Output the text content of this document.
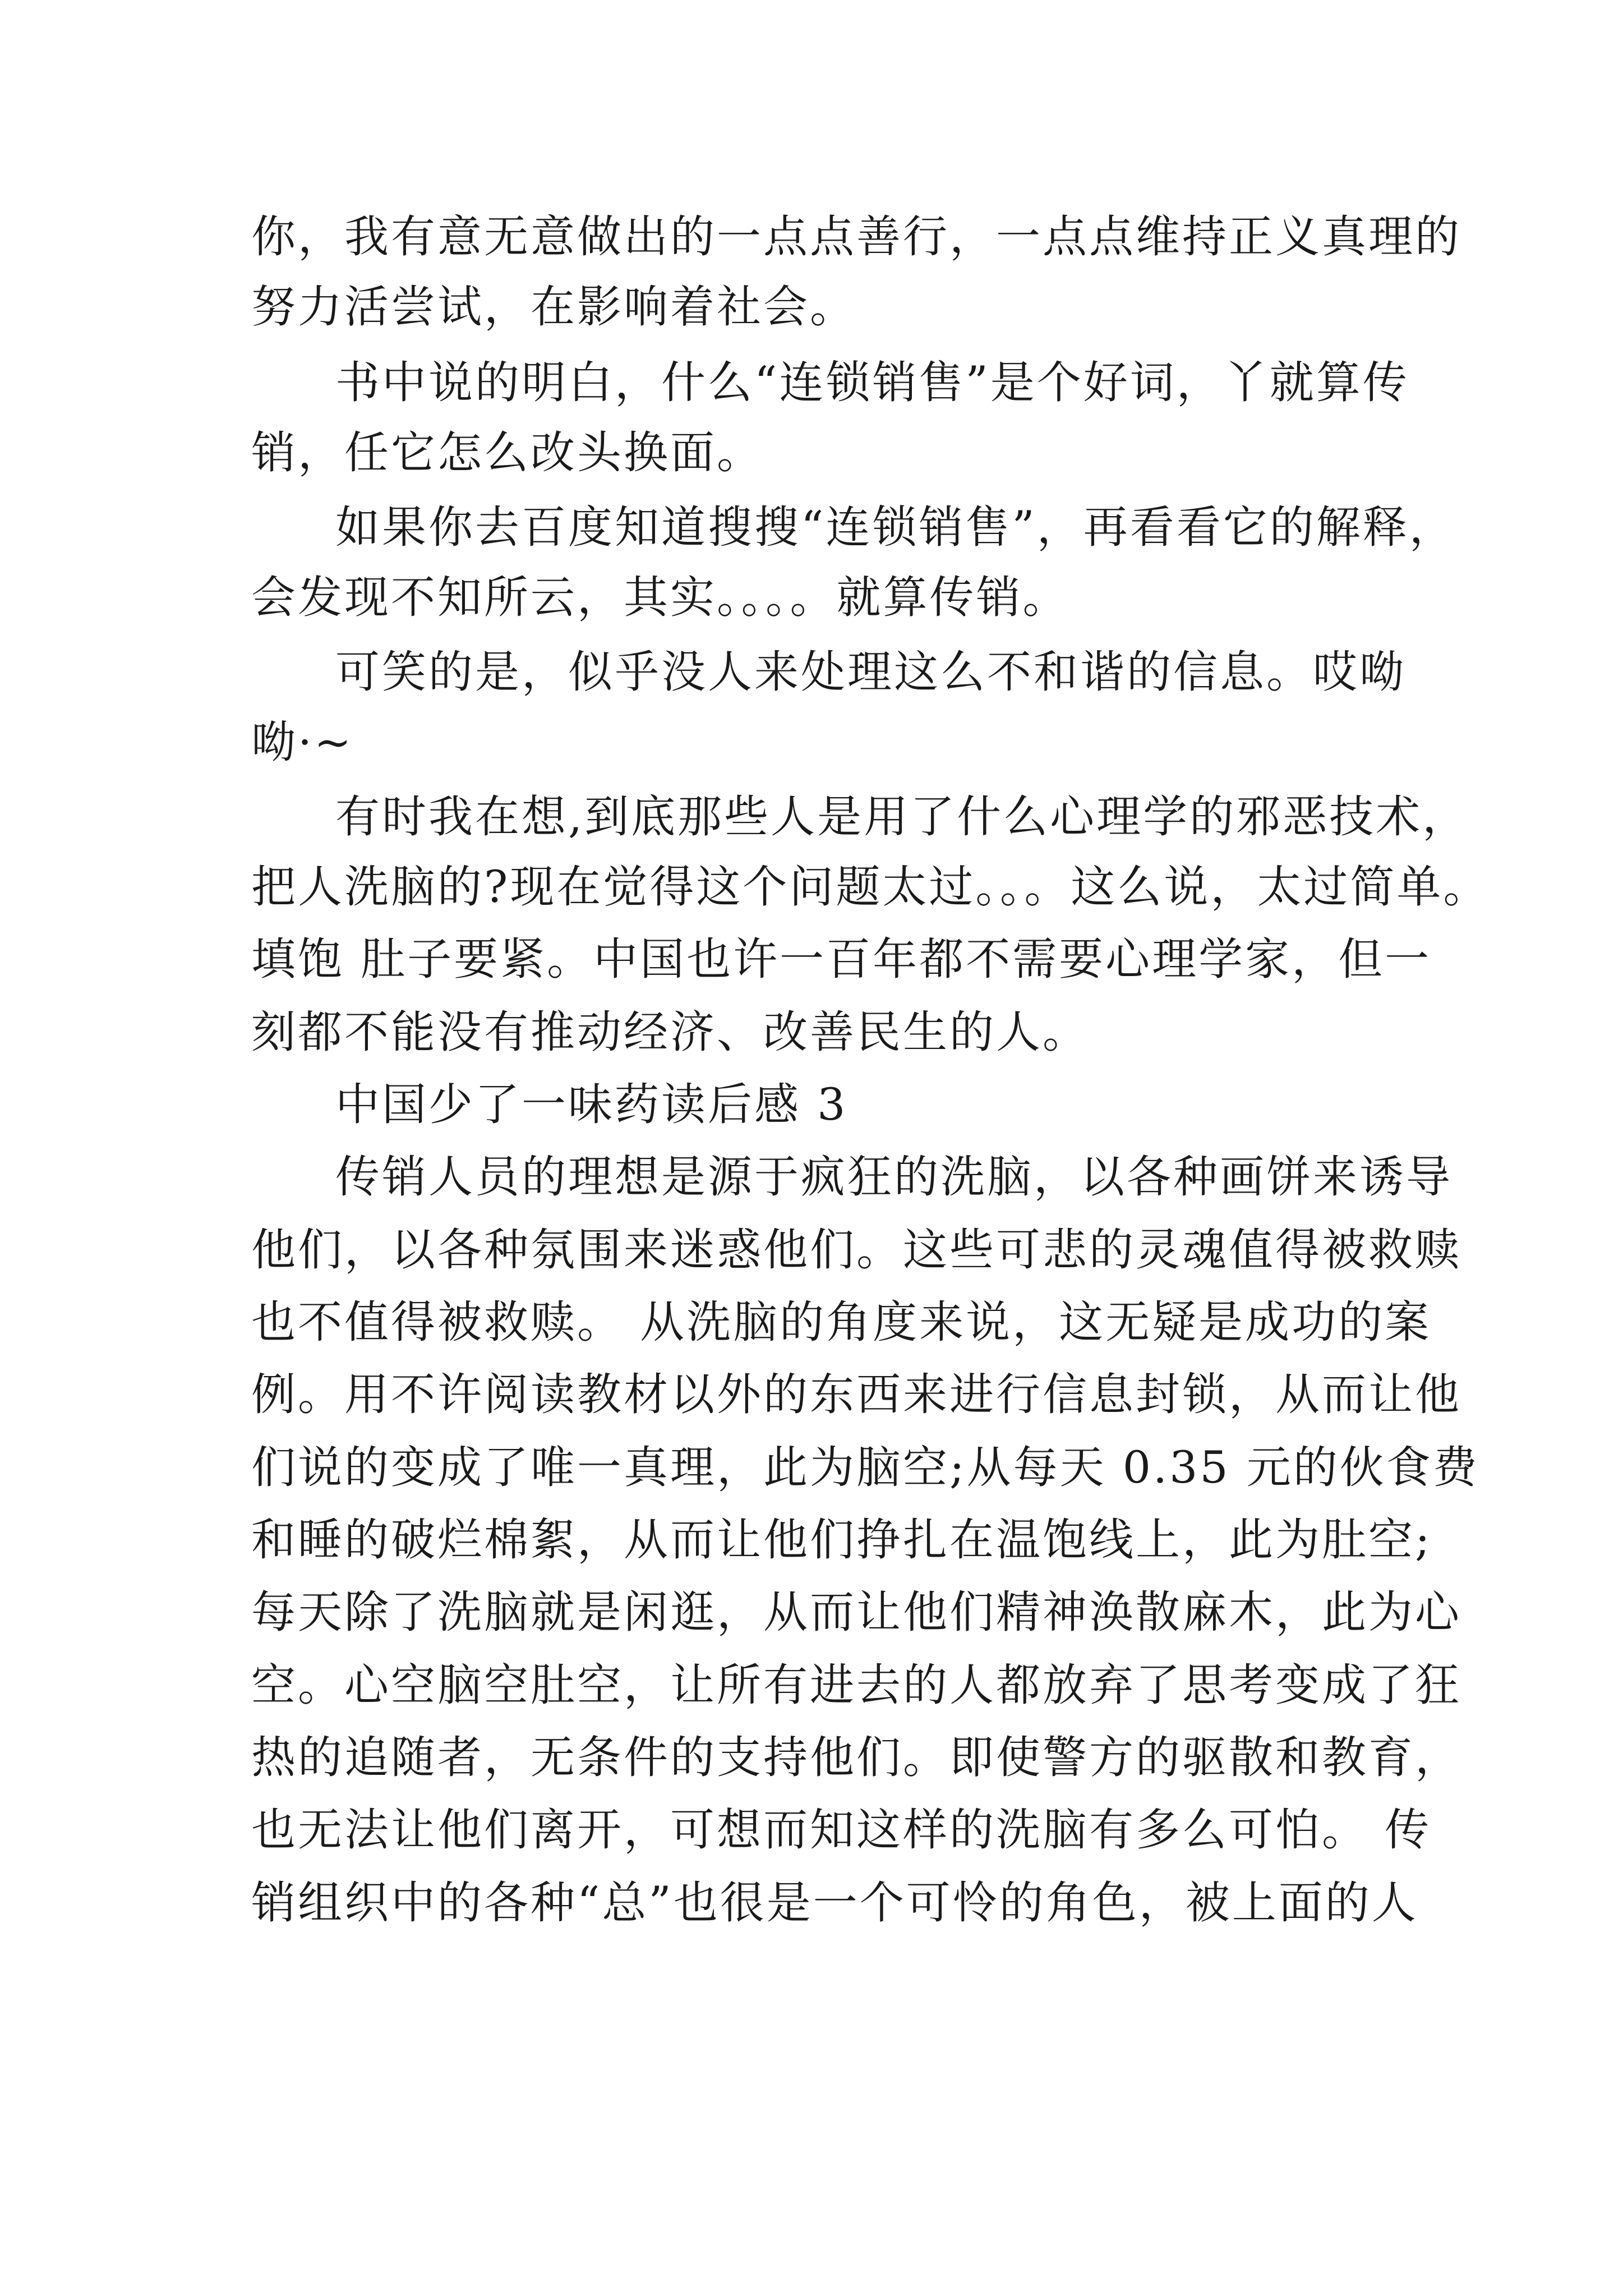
你，我有意无意做出的一点点善行，一点点维持正义真理的
努力活尝试，在影响着社会。
书中说的明白，什么“连锁销售”是个好词，丫就算传
销，任它怎么改头换面。
如果你去百度知道搜搜“连锁销售”，再看看它的解释，
会发现不知所云，其实。。。。就算传销。
可笑的是，似乎没人来处理这么不和谐的信息。哎呦
呦·~
有时我在想,到底那些人是用了什么心理学的邪恶技术，
把人洗脑的?现在觉得这个问题太过。。。这么说，太过简单。
填饱 肚子要紧。中国也许一百年都不需要心理学家，但一
刻都不能没有推动经济、改善民生的人。
中国少了一味药读后感 3
传销人员的理想是源于疯狂的洗脑，以各种画饼来诱导
他们，以各种氛围来迷惑他们。这些可悲的灵魂值得被救赎
也不值得被救赎。 从洗脑的角度来说，这无疑是成功的案
例。用不许阅读教材以外的东西来进行信息封锁，从而让他
们说的变成了唯一真理，此为脑空;从每天 0.35 元的伙食费
和睡的破烂棉絮，从而让他们挣扎在温饱线上，此为肚空;
每天除了洗脑就是闲逛，从而让他们精神涣散麻木，此为心
空。心空脑空肚空，让所有进去的人都放弃了思考变成了狂
热的追随者，无条件的支持他们。即使警方的驱散和教育，
也无法让他们离开，可想而知这样的洗脑有多么可怕。 传
销组织中的各种“总”也很是一个可怜的角色，被上面的人
